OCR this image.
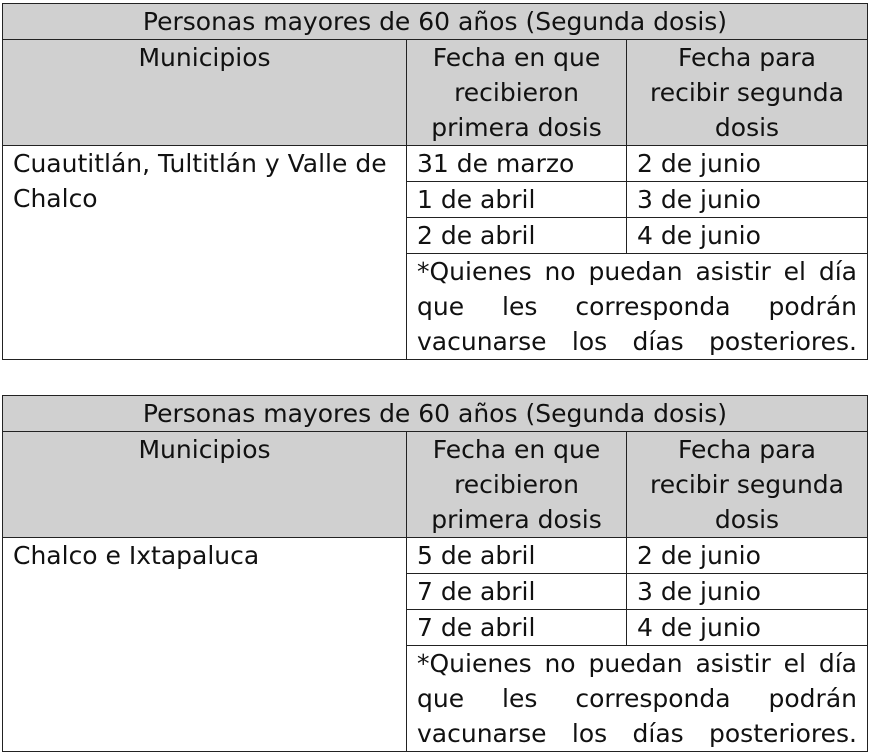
Personas mayores de 60 años (Segunda dosis)		
Municipios	Fecha en que recibieron primera dosis	Fecha para recibir segunda dosis
Cuautitlán, Tultitlán y Valle de Chalco	31 de marzo	2 de junio
	1 de abril	3 de junio
	2 de abril	4 de junio
	*Quienes no puedan asistir el día que les corresponda podrán vacunarse los días posteriores.	
Personas mayores de 60 años (Segunda dosis)		
Municipios	Fecha en que recibieron primera dosis	Fecha para recibir segunda dosis
Chalco e Ixtapaluca	5 de abril	2 de junio
	7 de abril	3 de junio
	7 de abril	4 de junio
	*Quienes no puedan asistir el día que les corresponda podrán vacunarse los días posteriores.	
